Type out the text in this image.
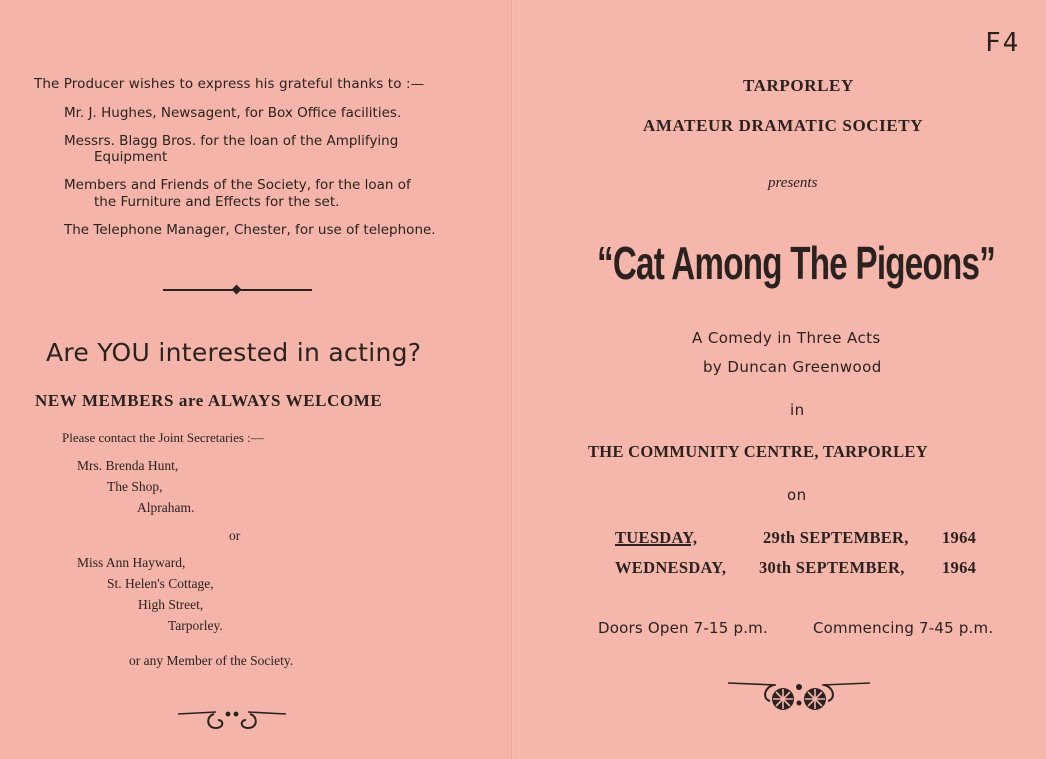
The Producer wishes to express his grateful thanks to :—
Mr. J. Hughes, Newsagent, for Box Office facilities.
Messrs. Blagg Bros. for the loan of the Amplifying
Equipment
Members and Friends of the Society, for the loan of
the Furniture and Effects for the set.
The Telephone Manager, Chester, for use of telephone.
Are YOU interested in acting?
NEW MEMBERS are ALWAYS WELCOME
Please contact the Joint Secretaries :—
Mrs. Brenda Hunt,
The Shop,
Alpraham.
or
Miss Ann Hayward,
St. Helen's Cottage,
High Street,
Tarporley.
or any Member of the Society.
F4
TARPORLEY
AMATEUR DRAMATIC SOCIETY
presents
“Cat Among The Pigeons”
A Comedy in Three Acts
by Duncan Greenwood
in
THE COMMUNITY CENTRE, TARPORLEY
on
TUESDAY,	29th SEPTEMBER, 1964
WEDNESDAY, 30th SEPTEMBER, 1964
Doors Open 7-15 p.m.	Commencing 7-45 p.m.
